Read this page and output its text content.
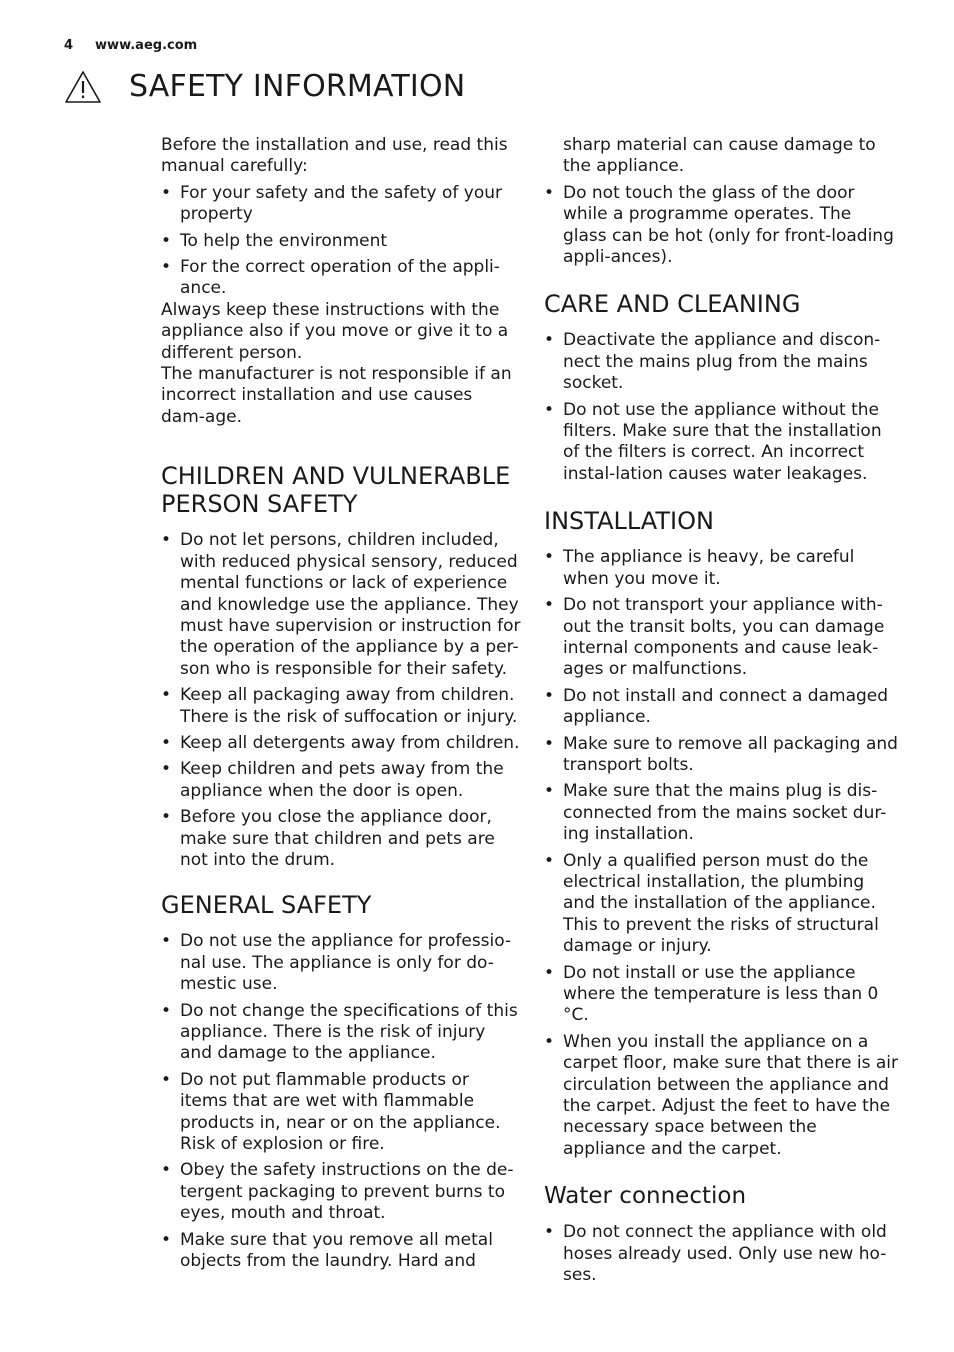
4 www.aeg.com
SAFETY INFORMATION

Before the installation and use, read this manual carefully:

• For your safety and the safety of your property
• To help the environment
• For the correct operation of the appli-ance.

Always keep these instructions with the appliance also if you move or give it to a different person.

The manufacturer is not responsible if an incorrect installation and use causes dam-age.

CHILDREN AND VULNERABLE PERSON SAFETY
• Do not let persons, children included, with reduced physical sensory, reduced mental functions or lack of experience and knowledge use the appliance. They must have supervision or instruction for the operation of the appliance by a per-son who is responsible for their safety.
• Keep all packaging away from children. There is the risk of suffocation or injury.
• Keep all detergents away from children.
• Keep children and pets away from the appliance when the door is open.
• Before you close the appliance door, make sure that children and pets are not into the drum.
GENERAL SAFETY
• Do not use the appliance for professio-nal use. The appliance is only for do-mestic use.
• Do not change the specifications of this appliance. There is the risk of injury and damage to the appliance.
• Do not put flammable products or items that are wet with flammable products in, near or on the appliance. Risk of explosion or fire.
• Obey the safety instructions on the de-tergent packaging to prevent burns to eyes, mouth and throat.
• Make sure that you remove all metal objects from the laundry. Hard and

sharp material can cause damage to the appliance.

• Do not touch the glass of the door while a programme operates. The glass can be hot (only for front-loading appli-ances).
CARE AND CLEANING
• Deactivate the appliance and discon-nect the mains plug from the mains socket.
• Do not use the appliance without the filters. Make sure that the installation of the filters is correct. An incorrect instal-lation causes water leakages.
INSTALLATION
• The appliance is heavy, be careful when you move it.
• Do not transport your appliance with-out the transit bolts, you can damage internal components and cause leak-ages or malfunctions.
• Do not install and connect a damaged appliance.
• Make sure to remove all packaging and transport bolts.
• Make sure that the mains plug is dis-connected from the mains socket dur-ing installation.
• Only a qualified person must do the electrical installation, the plumbing and the installation of the appliance. This to prevent the risks of structural damage or injury.
• Do not install or use the appliance where the temperature is less than 0 °C.
• When you install the appliance on a carpet floor, make sure that there is air circulation between the appliance and the carpet. Adjust the feet to have the necessary space between the appliance and the carpet.
Water connection
• Do not connect the appliance with old hoses already used. Only use new ho-ses.
